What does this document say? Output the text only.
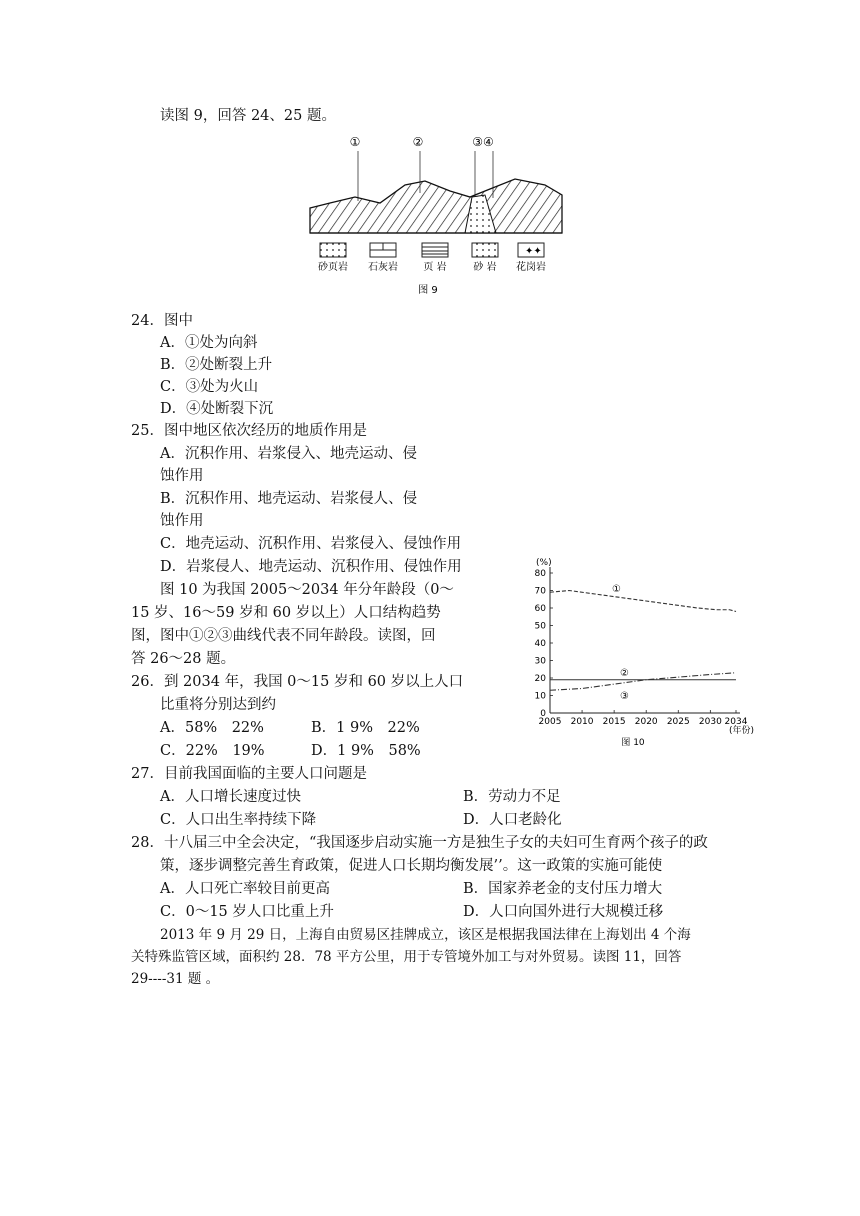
读图 9，回答 24、25 题。
①	②	③④
✦✦
砂页岩 石灰岩	页 岩	砂 岩 花岗岩
图 9
24．图中
A．①处为向斜
B．②处断裂上升
C．③处为火山
D．④处断裂下沉
25．图中地区依次经历的地质作用是
A．沉积作用、岩浆侵入、地壳运动、侵
蚀作用
B．沉积作用、地壳运动、岩浆侵人、侵
蚀作用
C．地壳运动、沉积作用、岩浆侵入、侵蚀作用
D．岩浆侵人、地壳运动、沉积作用、侵蚀作用
图 10 为我国 2005～2034 年分年龄段（0～
15 岁、16～59 岁和 60 岁以上）人口结构趋势
图，图中①②③曲线代表不同年龄段。读图，回
答 26～28 题。
26．到 2034 年，我国 0～15 岁和 60 岁以上人口
比重将分别达到约
A．58%　22%	B．1 9%　22%
C．22%　19%	D．1 9%　58%
(%)
0
10
20
30
40
50
60
70
80
2005 2010 2015 2020 2025 2030 2034
(年份)
①
②
③
图 10
27．目前我国面临的主要人口问题是
A．人口增长速度过快	B．劳动力不足
C．人口出生率持续下降	D．人口老龄化
28．十八届三中全会决定，“我国逐步启动实施一方是独生子女的夫妇可生育两个孩子的政
策，逐步调整完善生育政策，促进人口长期均衡发展’’。这一政策的实施可能使
A．人口死亡率较目前更高	B．国家养老金的支付压力增大
C．0～15 岁人口比重上升	D．人口向国外进行大规模迁移
2013 年 9 月 29 日，上海自由贸易区挂牌成立，该区是根据我国法律在上海划出 4 个海
关特殊监管区域，面积约 28．78 平方公里，用于专管境外加工与对外贸易。读图 11，回答
29----31 题 。
